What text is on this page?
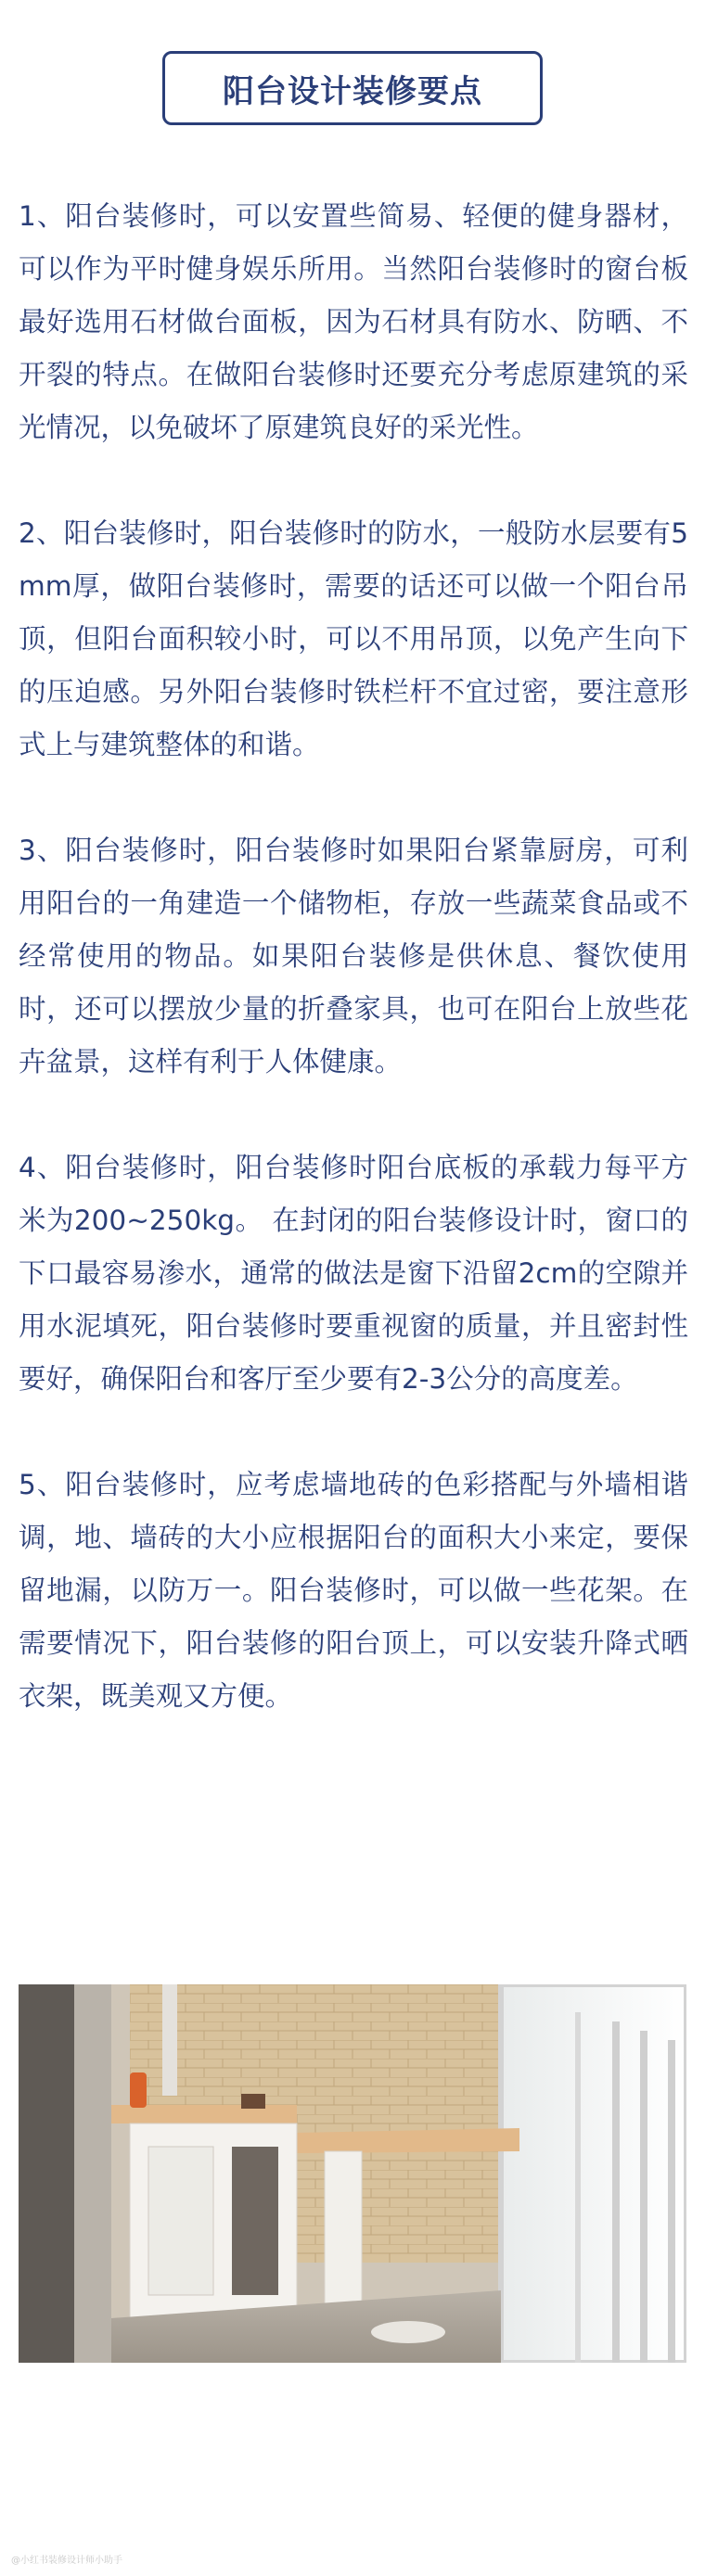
阳台设计装修要点

1、阳台装修时，可以安置些简易、轻便的健身器材，可以作为平时健身娱乐所用。当然阳台装修时的窗台板最好选用石材做台面板，因为石材具有防水、防晒、不开裂的特点。在做阳台装修时还要充分考虑原建筑的采光情况，以免破坏了原建筑良好的采光性。

2、阳台装修时，阳台装修时的防水，一般防水层要有5mm厚，做阳台装修时，需要的话还可以做一个阳台吊顶，但阳台面积较小时，可以不用吊顶，以免产生向下的压迫感。另外阳台装修时铁栏杆不宜过密，要注意形式上与建筑整体的和谐。

3、阳台装修时，阳台装修时如果阳台紧靠厨房，可利用阳台的一角建造一个储物柜，存放一些蔬菜食品或不经常使用的物品。如果阳台装修是供休息、餐饮使用时，还可以摆放少量的折叠家具，也可在阳台上放些花卉盆景，这样有利于人体健康。

4、阳台装修时，阳台装修时阳台底板的承载力每平方米为200~250kg。 在封闭的阳台装修设计时，窗口的下口最容易渗水，通常的做法是窗下沿留2cm的空隙并用水泥填死，阳台装修时要重视窗的质量，并且密封性要好，确保阳台和客厅至少要有2-3公分的高度差。

5、阳台装修时，应考虑墙地砖的色彩搭配与外墙相谐调，地、墙砖的大小应根据阳台的面积大小来定，要保留地漏，以防万一。阳台装修时，可以做一些花架。在需要情况下，阳台装修的阳台顶上，可以安装升降式晒衣架，既美观又方便。

@小红书装修设计师小助手
